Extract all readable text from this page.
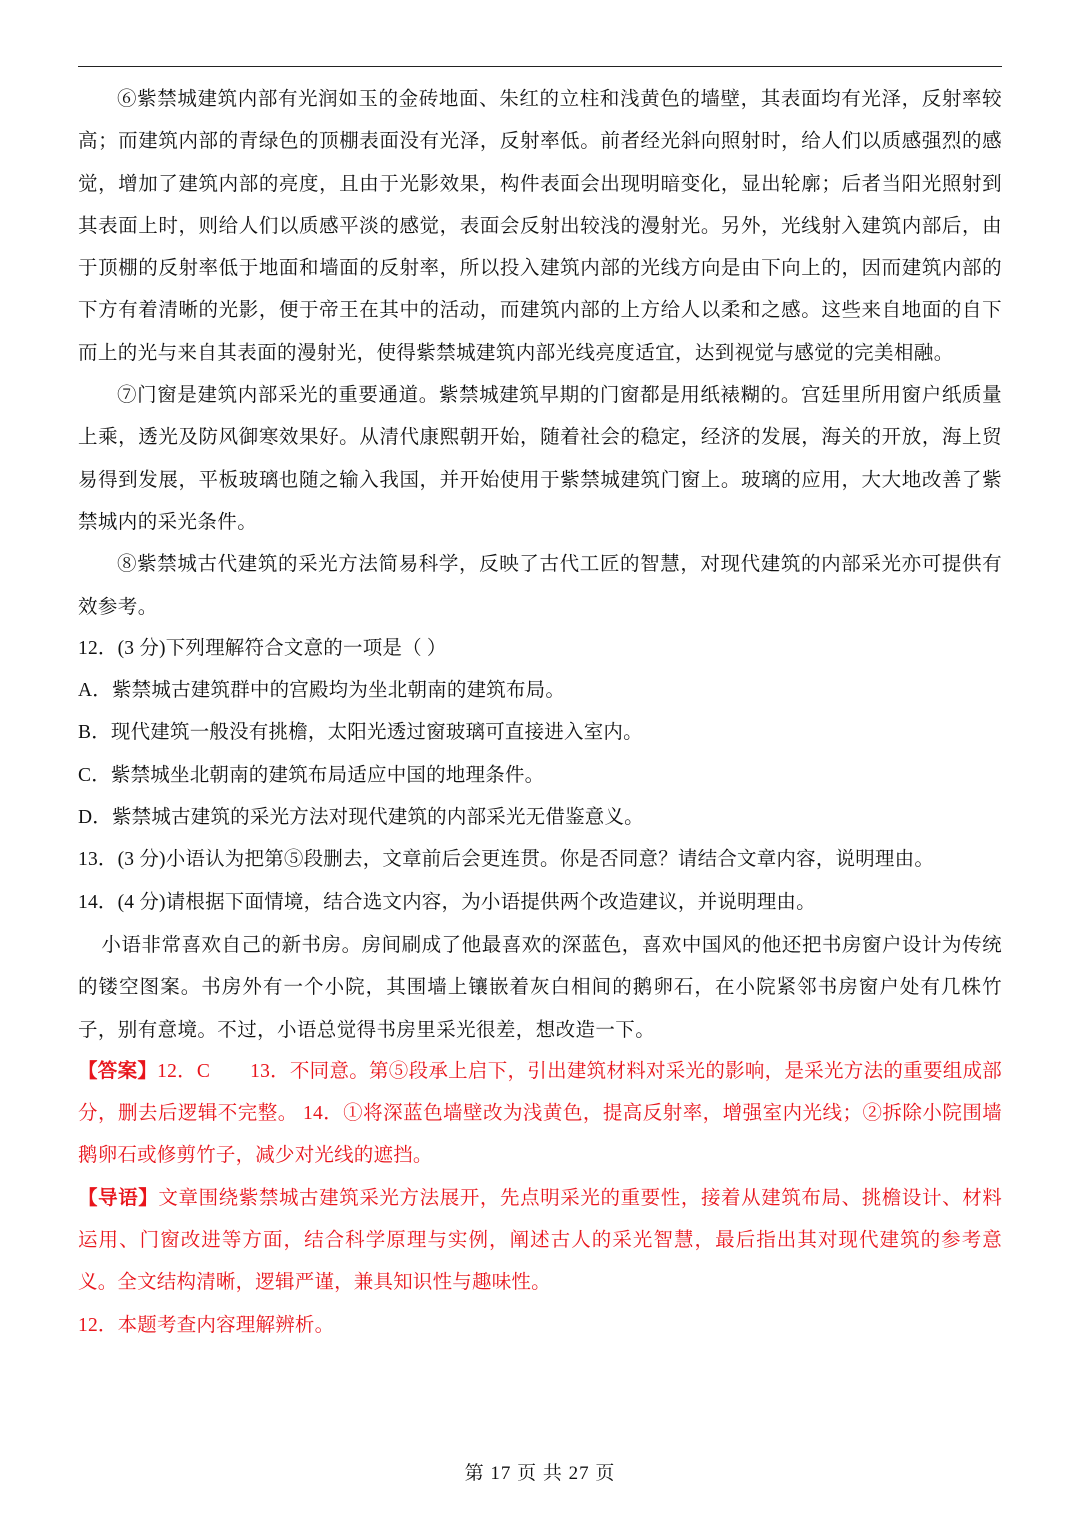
⑥紫禁城建筑内部有光润如玉的金砖地面、朱红的立柱和浅黄色的墙壁，其表面均有光泽，反射率较高；而建筑内部的青绿色的顶棚表面没有光泽，反射率低。前者经光斜向照射时，给人们以质感强烈的感觉，增加了建筑内部的亮度，且由于光影效果，构件表面会出现明暗变化，显出轮廓；后者当阳光照射到其表面上时，则给人们以质感平淡的感觉，表面会反射出较浅的漫射光。另外，光线射入建筑内部后，由于顶棚的反射率低于地面和墙面的反射率，所以投入建筑内部的光线方向是由下向上的，因而建筑内部的下方有着清晰的光影，便于帝王在其中的活动，而建筑内部的上方给人以柔和之感。这些来自地面的自下而上的光与来自其表面的漫射光，使得紫禁城建筑内部光线亮度适宜，达到视觉与感觉的完美相融。

⑦门窗是建筑内部采光的重要通道。紫禁城建筑早期的门窗都是用纸裱糊的。宫廷里所用窗户纸质量上乘，透光及防风御寒效果好。从清代康熙朝开始，随着社会的稳定，经济的发展，海关的开放，海上贸易得到发展，平板玻璃也随之输入我国，并开始使用于紫禁城建筑门窗上。玻璃的应用，大大地改善了紫禁城内的采光条件。

⑧紫禁城古代建筑的采光方法简易科学，反映了古代工匠的智慧，对现代建筑的内部采光亦可提供有效参考。

12．(3 分)下列理解符合文意的一项是（ ）

A．紫禁城古建筑群中的宫殿均为坐北朝南的建筑布局。

B．现代建筑一般没有挑檐，太阳光透过窗玻璃可直接进入室内。

C．紫禁城坐北朝南的建筑布局适应中国的地理条件。

D．紫禁城古建筑的采光方法对现代建筑的内部采光无借鉴意义。

13．(3 分)小语认为把第⑤段删去，文章前后会更连贯。你是否同意？请结合文章内容，说明理由。

14．(4 分)请根据下面情境，结合选文内容，为小语提供两个改造建议，并说明理由。

小语非常喜欢自己的新书房。房间刷成了他最喜欢的深蓝色，喜欢中国风的他还把书房窗户设计为传统的镂空图案。书房外有一个小院，其围墙上镶嵌着灰白相间的鹅卵石，在小院紧邻书房窗户处有几株竹子，别有意境。不过，小语总觉得书房里采光很差，想改造一下。

【答案】12．C 13．不同意。第⑤段承上启下，引出建筑材料对采光的影响，是采光方法的重要组成部分，删去后逻辑不完整。 14．①将深蓝色墙壁改为浅黄色，提高反射率，增强室内光线；②拆除小院围墙鹅卵石或修剪竹子，减少对光线的遮挡。

【导语】文章围绕紫禁城古建筑采光方法展开，先点明采光的重要性，接着从建筑布局、挑檐设计、材料运用、门窗改进等方面，结合科学原理与实例，阐述古人的采光智慧，最后指出其对现代建筑的参考意义。全文结构清晰，逻辑严谨，兼具知识性与趣味性。

12．本题考查内容理解辨析。

第 17 页 共 27 页
